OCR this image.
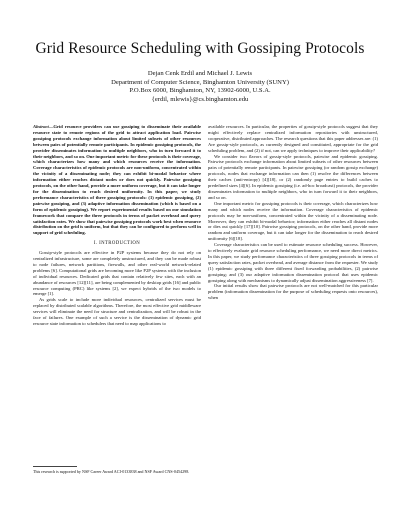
Grid Resource Scheduling with Gossiping Protocols
Dejan Cenk Erdil and Michael J. Lewis
Department of Computer Science, Binghamton University (SUNY)
P.O.Box 6000, Binghamton, NY, 13902-6000, U.S.A.
{erdil, mlewis}@cs.binghamton.edu

Abstract—Grid resource providers can use gossiping to disseminate their available resource state to remote regions of the grid to attract application load. Pairwise gossiping protocols exchange information about limited subsets of other resources between pairs of potentially remote participants. In epidemic gossiping protocols, the provider disseminates information to multiple neighbors, who in turn forward it to their neighbors, and so on. One important metric for these protocols is their coverage, which characterizes how many and which resources receive the information. Coverage characteristics of epidemic protocols are non-uniform, concentrated within the vicinity of a disseminating node; they can exhibit bi-modal behavior where information either reaches distant nodes or does not quickly. Pairwise gossiping protocols, on the other hand, provide a more uniform coverage, but it can take longer for the dissemination to reach desired uniformity. In this paper, we study performance characteristics of three gossiping protocols: (1) epidemic gossiping, (2) pairwise gossiping, and (3) adaptive information dissemination (which is based on a form of epidemic gossiping). We report experimental results based on our simulation framework that compare the three protocols in terms of packet overhead and query satisfaction rates. We show that pairwise gossiping protocols work best when resource distribution on the grid is uniform, but that they can be configured to perform well in support of grid scheduling.

I. INTRODUCTION

Gossip-style protocols are effective in P2P systems because they do not rely on centralized infrastructure, some are completely unstructured, and they can be made robust to node failures, network partitions, firewalls, and other real-world network-related problems [6]. Computational grids are becoming more like P2P systems with the inclusion of individual resources. Dedicated grids that contain relatively few sites, each with an abundance of resources [12][11], are being complemented by desktop grids [16] and public resource computing (PRC) like systems [2], we expect hybrids of the two models to emerge [1].

As grids scale to include more individual resources, centralized services must be replaced by distributed scalable algorithms. Therefore, the most effective grid middleware services will eliminate the need for structure and centralization, and will be robust in the face of failures. One example of such a service is the dissemination of dynamic grid resource state information to schedulers that need to map applications to

This research is supported by NSF Career Award ACI-0133838 and NSF Award CNS-0454298.

available resources. In particular, the properties of gossip-style protocols suggest that they might effectively replace centralized information repositories with unstructured, cooperative, distributed approaches. The research questions that this paper addresses are: (1) Are gossip-style protocols, as currently designed and constituted, appropriate for the grid scheduling problem, and (2) if not, can we apply techniques to improve their applicability?

We consider two flavors of gossip-style protocols, pairwise and epidemic gossiping. Pairwise protocols exchange information about limited subsets of other resources between pairs of potentially remote participants. In pairwise gossiping (or random gossip exchange) protocols, nodes that exchange information can then (1) resolve the differences between their caches (anti-entropy) [4][18], or (2) randomly page entries to build caches to predefined sizes [4][6]. In epidemic gossiping (i.e. ad-hoc broadcast) protocols, the provider disseminates information to multiple neighbors, who in turn forward it to their neighbors, and so on.

One important metric for gossiping protocols is their coverage, which characterizes how many and which nodes receive the information. Coverage characteristics of epidemic protocols may be non-uniform, concentrated within the vicinity of a disseminating node. Moreover, they can exhibit bi-modal behavior; information either reaches all distant nodes or dies out quickly [17][10]. Pairwise gossiping protocols, on the other hand, provide more random and uniform coverage, but it can take longer for the dissemination to reach desired uniformity [6][18].

Coverage characteristics can be used to estimate resource scheduling success. However, to effectively evaluate grid resource scheduling performance, we need more direct metrics. In this paper, we study performance characteristics of three gossiping protocols in terms of query satisfaction rates, packet overhead, and average distance from the requester. We study (1) epidemic gossiping with three different fixed forwarding probabilities, (2) pairwise gossiping; and (3) our adaptive information dissemination protocol that uses epidemic gossiping along with mechanisms to dynamically adjust dissemination aggressiveness [7].

Our initial results show that pairwise protocols are not well-matched for this particular problem (information dissemination for the purpose of scheduling requests onto resources), when
